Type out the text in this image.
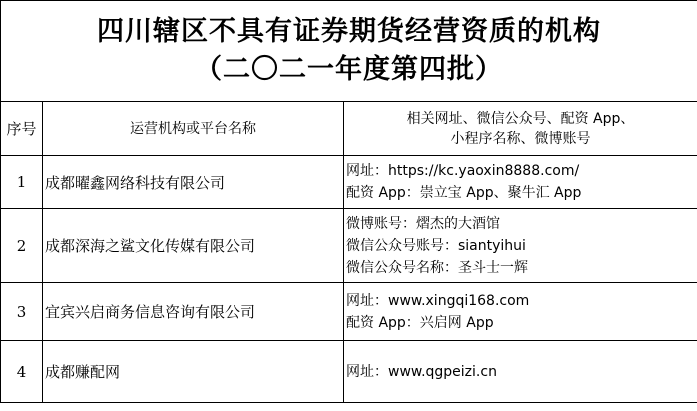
四川辖区不具有证券期货经营资质的机构
（二〇二一年度第四批）		

序号	运营机构或平台名称	相关网址、微信公众号、配资 App、
小程序名称、微博账号

1	成都曜鑫网络科技有限公司	网址：https://kc.yaoxin8888.com/
配资 App：崇立宝 App、聚牛汇 App

2	成都深海之鲨文化传媒有限公司	微博账号：熠杰的大酒馆
微信公众号账号：siantyihui
微信公众号名称：圣斗士一辉

3	宜宾兴启商务信息咨询有限公司	网址：www.xingqi168.com
配资 App：兴启网 App

4	成都赚配网	网址：www.qgpeizi.cn
